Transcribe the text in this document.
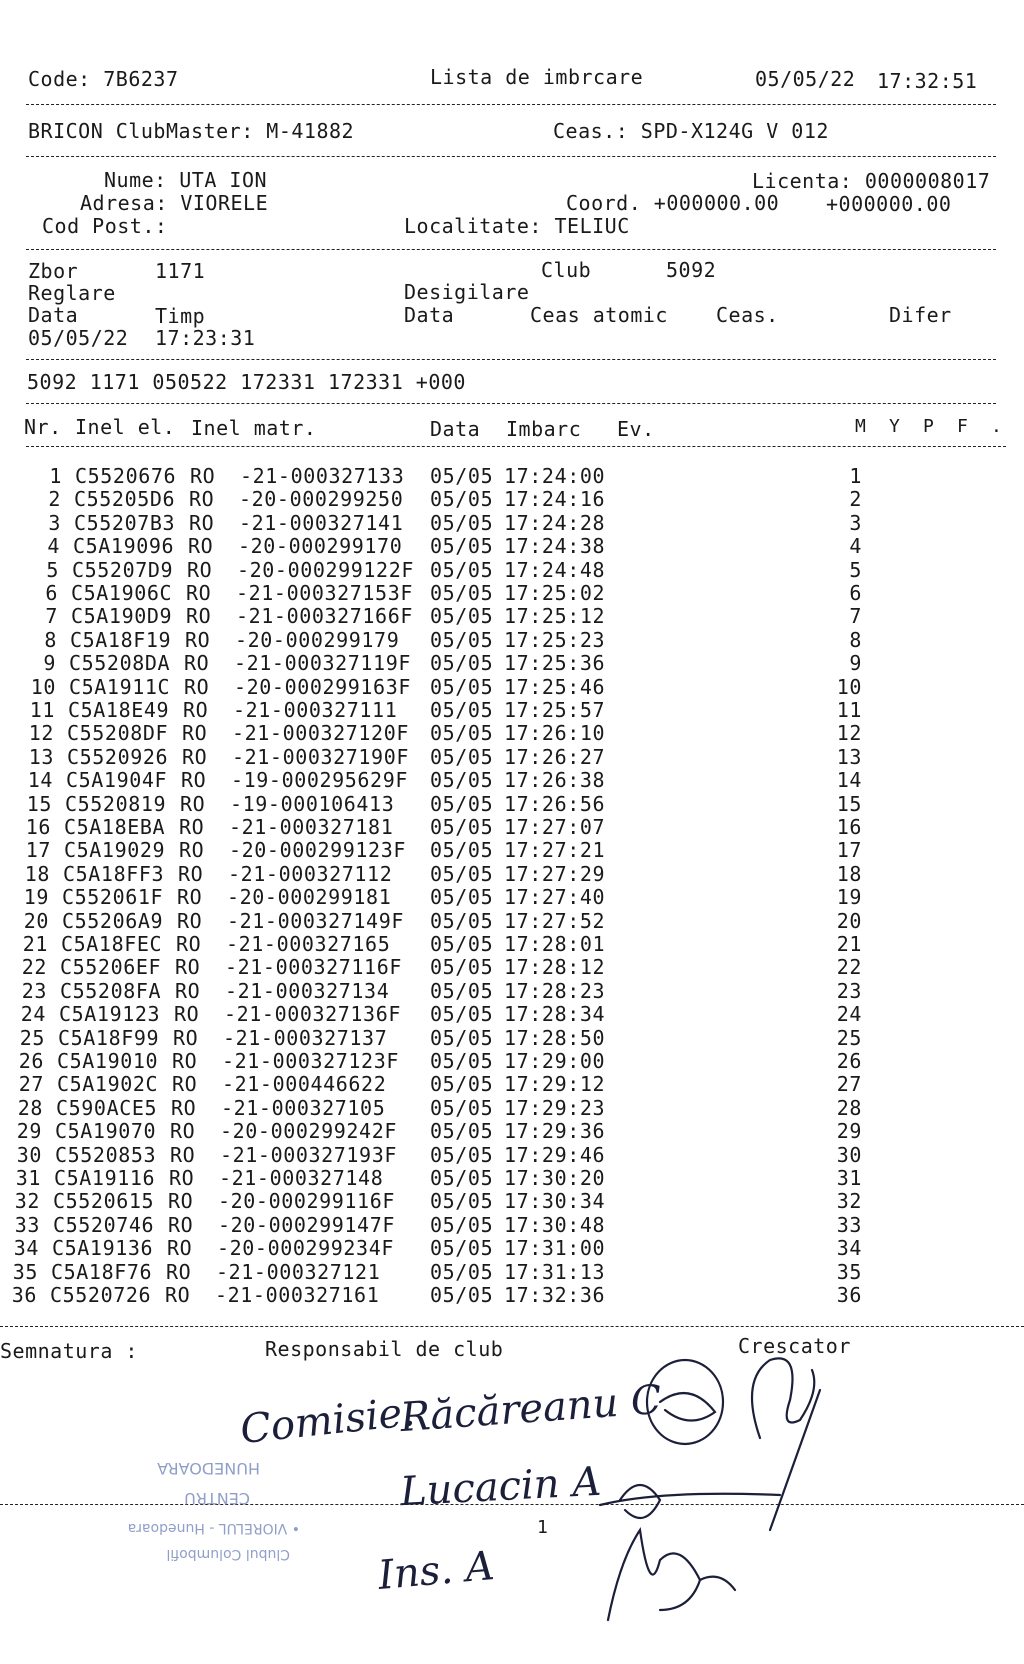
Code: 7B6237	Lista de imbrcare	05/05/22 17:32:51
BRICON ClubMaster: M-41882	Ceas.: SPD-X124G V 012
Nume: UTA ION	Licenta: 0000008017
Adresa: VIORELE	Coord. +000000.00 +000000.00
Cod Post.:	Localitate: TELIUC
Zbor	1171	Club	5092
Reglare	Desigilare
Data	Timp	Data	Ceas atomic Ceas.	Difer
05/05/22 17:23:31
5092 1171 050522 172331 172331 +000
Nr. Inel el. Inel matr.	Data Imbarc Ev.	M  Y  P  F  .
1 C5520676 RO -21-000327133 05/05 17:24:00	1
2 C55205D6 RO -20-000299250 05/05 17:24:16	2
3 C55207B3 RO -21-000327141 05/05 17:24:28	3
4 C5A19096 RO -20-000299170 05/05 17:24:38	4
5 C55207D9 RO -20-000299122F 05/05 17:24:48	5
6 C5A1906C RO -21-000327153F 05/05 17:25:02	6
7 C5A190D9 RO -21-000327166F 05/05 17:25:12	7
8 C5A18F19 RO -20-000299179 05/05 17:25:23	8
9 C55208DA RO -21-000327119F 05/05 17:25:36	9
10 C5A1911C RO -20-000299163F 05/05 17:25:46	10
11 C5A18E49 RO -21-000327111 05/05 17:25:57	11
12 C55208DF RO -21-000327120F 05/05 17:26:10	12
13 C5520926 RO -21-000327190F 05/05 17:26:27	13
14 C5A1904F RO -19-000295629F 05/05 17:26:38	14
15 C5520819 RO -19-000106413 05/05 17:26:56	15
16 C5A18EBA RO -21-000327181 05/05 17:27:07	16
17 C5A19029 RO -20-000299123F 05/05 17:27:21	17
18 C5A18FF3 RO -21-000327112 05/05 17:27:29	18
19 C552061F RO -20-000299181 05/05 17:27:40	19
20 C55206A9 RO -21-000327149F 05/05 17:27:52	20
21 C5A18FEC RO -21-000327165 05/05 17:28:01	21
22 C55206EF RO -21-000327116F 05/05 17:28:12	22
23 C55208FA RO -21-000327134 05/05 17:28:23	23
24 C5A19123 RO -21-000327136F 05/05 17:28:34	24
25 C5A18F99 RO -21-000327137 05/05 17:28:50	25
26 C5A19010 RO -21-000327123F 05/05 17:29:00	26
27 C5A1902C RO -21-000446622 05/05 17:29:12	27
28 C590ACE5 RO -21-000327105 05/05 17:29:23	28
29 C5A19070 RO -20-000299242F 05/05 17:29:36	29
30 C5520853 RO -21-000327193F 05/05 17:29:46	30
31 C5A19116 RO -21-000327148 05/05 17:30:20	31
32 C5520615 RO -20-000299116F 05/05 17:30:34	32
33 C5520746 RO -20-000299147F 05/05 17:30:48	33
34 C5A19136 RO -20-000299234F 05/05 17:31:00	34
35 C5A18F76 RO -21-000327121 05/05 17:31:13	35
36 C5520726 RO -21-000327161	05/05 17:32:36	36
Semnatura :	Responsabil de club	Crescator
1
Clubul Columbofil
• VIORELUL - Hunedoara
CENTRU
HUNEDOARA
Comisie.
Răcăreanu C
Lucacin A
Ins. A
